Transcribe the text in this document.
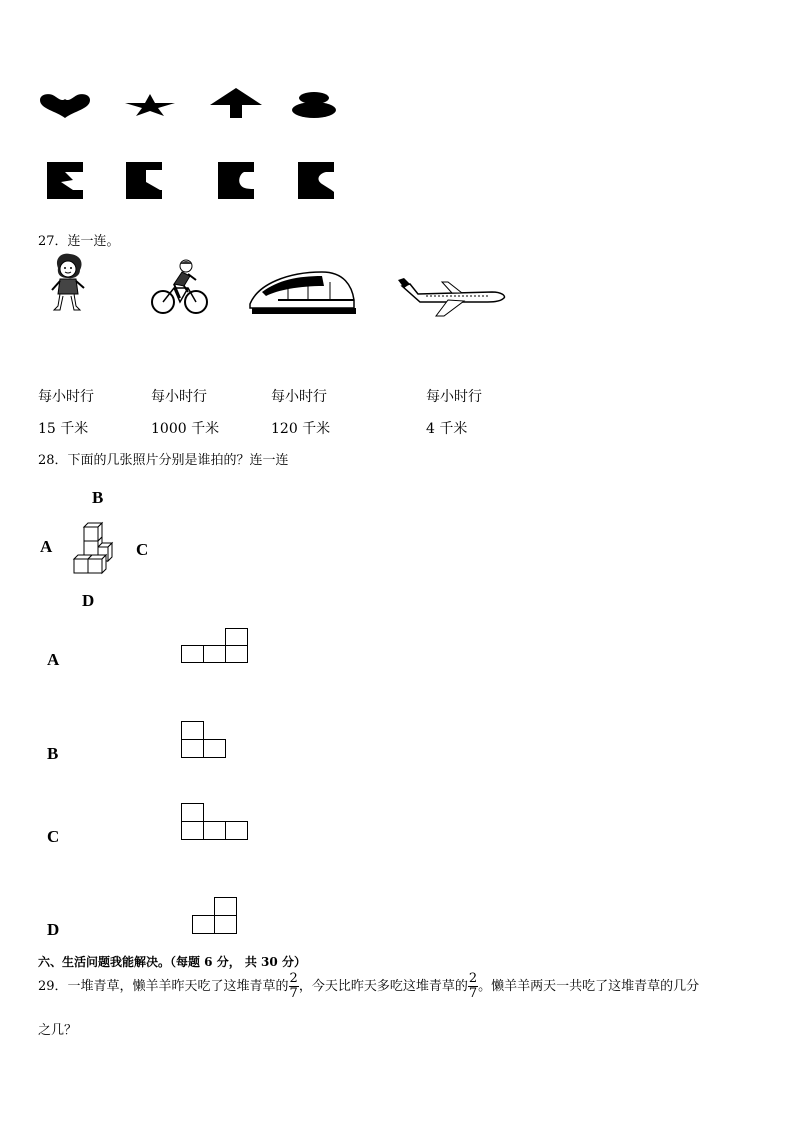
27．连一连。
每小时行	每小时行	每小时行	每小时行
15 千米	1000 千米	120 千米	4 千米
28．下面的几张照片分别是谁拍的？连一连
B
A	C
D
A
B
C
D
六、生活问题我能解决。（每题 6 分， 共 30 分）
29．一堆青草，懒羊羊昨天吃了这堆青草的 $\frac{2}{7}$ ，今天比昨天多吃这堆青草的 $\frac{2}{7}$ 。懒羊羊两天一共吃了这堆青草的几分
之几？
